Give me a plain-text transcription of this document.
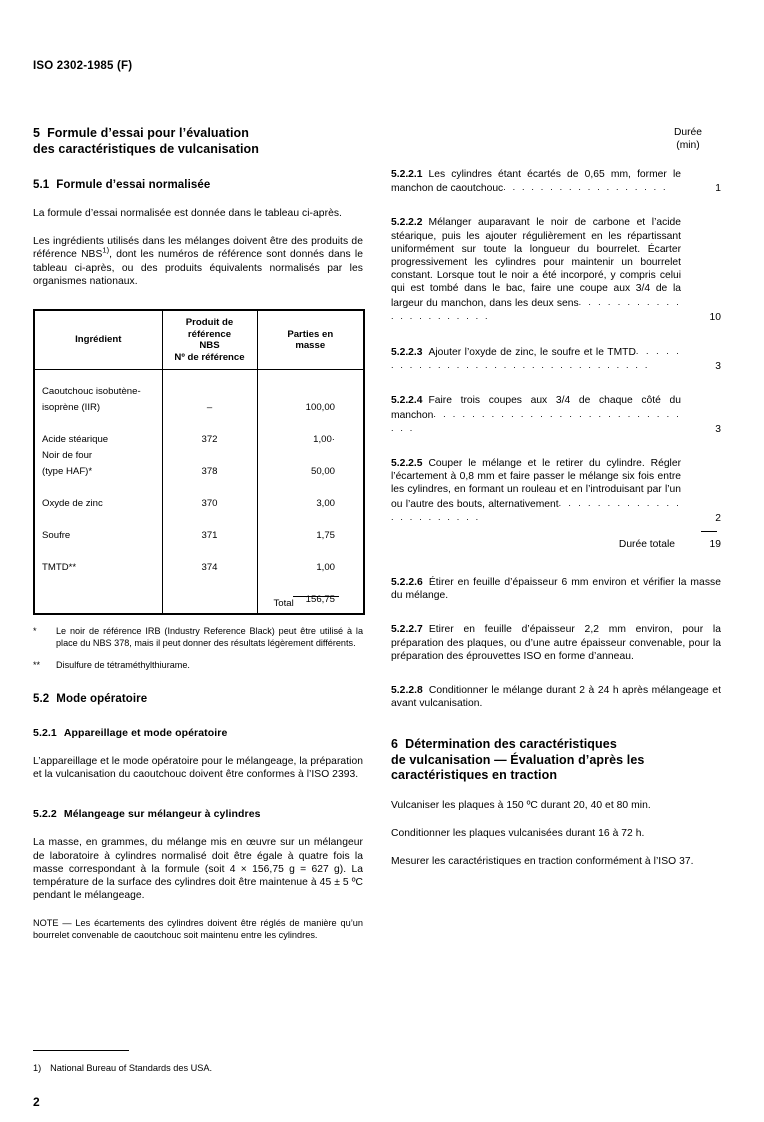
ISO 2302-1985 (F)
5 Formule d’essai pour l’évaluation
des caractéristiques de vulcanisation
5.1 Formule d’essai normalisée

La formule d’essai normalisée est donnée dans le tableau ci-après.

Les ingrédients utilisés dans les mélanges doivent être des produits de référence NBS$^{1)}$, dont les numéros de référence sont donnés dans le tableau ci-après, ou des produits équivalents normalisés par les organismes nationaux.

Ingrédient	Produit de
référence
NBS
Nº de référence	Parties en
masse

Caoutchouc isobutène-		
isoprène (IIR)	–	100,00

Acide stéarique	372	1,00·
Noir de four		
(type HAF)*	378	50,00

Oxyde de zinc	370	3,00

Soufre	371	1,75

TMTD**	374	1,00

		Total 156,75
* Le noir de référence IRB (Industry Reference Black) peut être utilisé à la place du NBS 378, mais il peut donner des résultats légèrement différents.
** Disulfure de tétraméthylthiurame.
5.2 Mode opératoire
5.2.1 Appareillage et mode opératoire

L’appareillage et le mode opératoire pour le mélangeage, la préparation et la vulcanisation du caoutchouc doivent être conformes à l’ISO 2393.

5.2.2 Mélangeage sur mélangeur à cylindres

La masse, en grammes, du mélange mis en œuvre sur un mélangeur de laboratoire à cylindres normalisé doit être égale à quatre fois la masse correspondant à la formule (soit 4 × 156,75 g = 627 g). La température de la surface des cylindres doit être maintenue à 45 ± 5 ºC pendant le mélangeage.

NOTE — Les écartements des cylindres doivent être réglés de manière qu’un bourrelet convenable de caoutchouc soit maintenu entre les cylindres.

Durée
(min)

5.2.2.1 Les cylindres étant écartés de 0,65 mm, former le manchon de caoutchouc. . . . . . . . . . . . . . . . . .	1

5.2.2.2 Mélanger auparavant le noir de carbone et l’acide stéarique, puis les ajouter régulièrement en les répartissant uniformément sur toute la longueur du bourrelet. Écarter progressivement les cylindres pour maintenir un bourrelet constant. Lorsque tout le noir a été incorporé, y compris celui qui est tombé dans le bac, faire une coupe aux 3/4 de la largeur du manchon, dans les deux sens. . . . . . . . . . . . . . . . . . . . . .	10

5.2.2.3 Ajouter l’oxyde de zinc, le soufre et le TMTD. . . . . . . . . . . . . . . . . . . . . . . . . . . . . . . . .	3

5.2.2.4 Faire trois coupes aux 3/4 de chaque côté du manchon. . . . . . . . . . . . . . . . . . . . . . . . . . . . .	3

5.2.2.5 Couper le mélange et le retirer du cylindre. Régler l’écartement à 0,8 mm et faire passer le mélange six fois entre les cylindres, en formant un rouleau et en l’introduisant par l’un ou l’autre des bouts, alternativement. . . . . . . . . . . . . . . . . . . . . . .	2
Durée totale	19

5.2.2.6 Étirer en feuille d’épaisseur 6 mm environ et vérifier la masse du mélange.

5.2.2.7 Etirer en feuille d’épaisseur 2,2 mm environ, pour la préparation des plaques, ou d’une autre épaisseur convenable, pour la préparation des éprouvettes ISO en forme d’anneau.

5.2.2.8 Conditionner le mélange durant 2 à 24 h après mélangeage et avant vulcanisation.

6 Détermination des caractéristiques
de vulcanisation — Évaluation d’après les
caractéristiques en traction

Vulcaniser les plaques à 150 ºC durant 20, 40 et 80 min.

Conditionner les plaques vulcanisées durant 16 à 72 h.

Mesurer les caractéristiques en traction conformément à l’ISO 37.

1) National Bureau of Standards des USA.
2
